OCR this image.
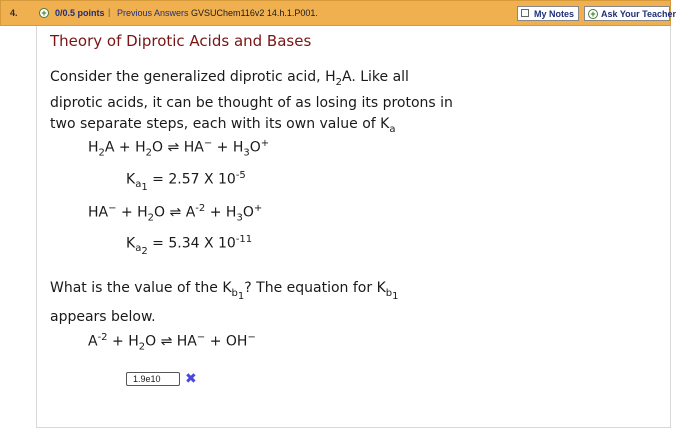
4.	+ 0/0.5 points | Previous Answers GVSUChem116v2 14.h.1.P001.	My Notes + Ask Your Teacher
Theory of Diprotic Acids and Bases
Consider the generalized diprotic acid, $H_2A$. Like all
diprotic acids, it can be thought of as losing its protons in
two separate steps, each with its own value of $K_a$
$H_2A + H_2O$ ⇌ $HA^- + H_3O^+$
$K_{a_1} = 2.57$ X $10^{-5}$
$HA^- + H_2O$ ⇌ $A^{-2} + H_3O^+$
$K_{a_2} = 5.34$ X $10^{-11}$
What is the value of the $K_{b_1}$? The equation for $K_{b_1}$
appears below.
$A^{-2} + H_2O$ ⇌ HA− + OH−
1.9e10	✖
